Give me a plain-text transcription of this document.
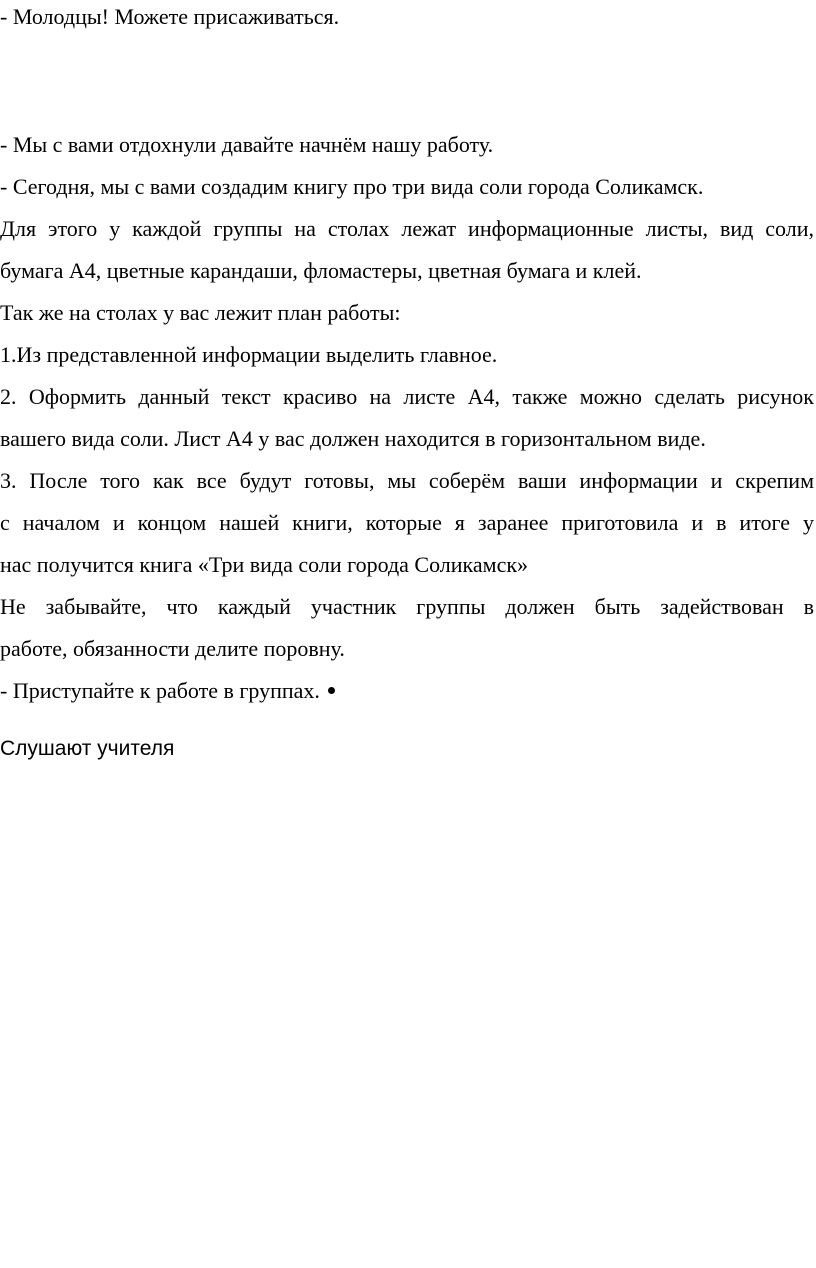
- Молодцы! Можете присаживаться.
- Мы с вами отдохнули давайте начнём нашу работу.
- Сегодня, мы с вами создадим книгу про три вида соли города Соликамск.
Для этого у каждой группы на столах лежат информационные листы, вид соли,
бумага А4, цветные карандаши, фломастеры, цветная бумага и клей.
Так же на столах у вас лежит план работы:
1.Из представленной информации выделить главное.
2. Оформить данный текст красиво на листе А4, также можно сделать рисунок
вашего вида соли. Лист А4 у вас должен находится в горизонтальном виде.
3. После того как все будут готовы, мы соберём ваши информации и скрепим
с началом и концом нашей книги, которые я заранее приготовила и в итоге у
нас получится книга «Три вида соли города Соликамск»
Не забывайте, что каждый участник группы должен быть задействован в
работе, обязанности делите поровну.
- Приступайте к работе в группах.
Слушают учителя
